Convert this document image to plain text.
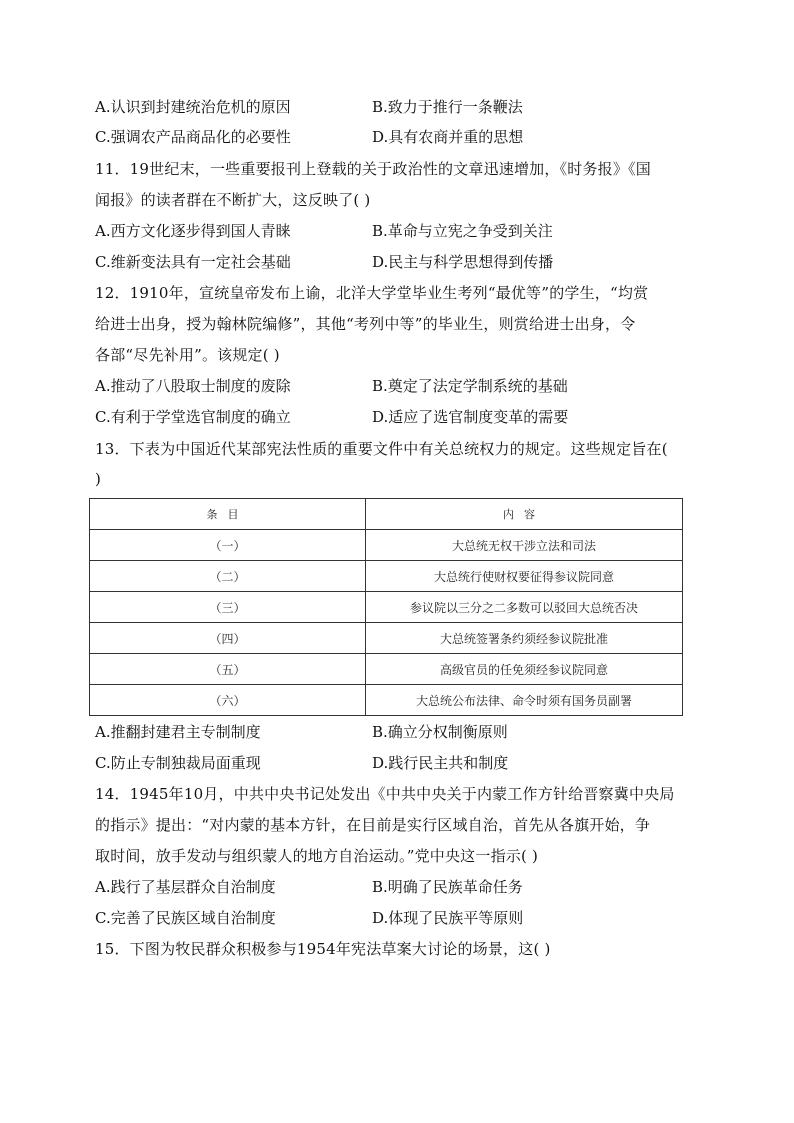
A.认识到封建统治危机的原因	B.致力于推行一条鞭法
C.强调农产品商品化的必要性	D.具有农商并重的思想
11．19世纪末，一些重要报刊上登载的关于政治性的文章迅速增加，《时务报》《国
闻报》的读者群在不断扩大，这反映了( )
A.西方文化逐步得到国人青睐	B.革命与立宪之争受到关注
C.维新变法具有一定社会基础	D.民主与科学思想得到传播
12．1910年，宣统皇帝发布上谕，北洋大学堂毕业生考列“最优等”的学生，“均赏
给进士出身，授为翰林院编修”，其他“考列中等”的毕业生，则赏给进士出身，令
各部“尽先补用”。该规定( )
A.推动了八股取士制度的废除	B.奠定了法定学制系统的基础
C.有利于学堂选官制度的确立	D.适应了选官制度变革的需要
13．下表为中国近代某部宪法性质的重要文件中有关总统权力的规定。这些规定旨在(
)
条目	内容
（一）	大总统无权干涉立法和司法
（二）	大总统行使财权要征得参议院同意
（三）	参议院以三分之二多数可以驳回大总统否决
（四）	大总统签署条约须经参议院批准
（五）	高级官员的任免须经参议院同意
（六）	大总统公布法律、命令时须有国务员副署
A.推翻封建君主专制制度	B.确立分权制衡原则
C.防止专制独裁局面重现	D.践行民主共和制度
14．1945年10月，中共中央书记处发出《中共中央关于内蒙工作方针给晋察冀中央局
的指示》提出：“对内蒙的基本方针，在目前是实行区域自治，首先从各旗开始，争
取时间，放手发动与组织蒙人的地方自治运动。”党中央这一指示( )
A.践行了基层群众自治制度	B.明确了民族革命任务
C.完善了民族区域自治制度	D.体现了民族平等原则
15．下图为牧民群众积极参与1954年宪法草案大讨论的场景，这( )
